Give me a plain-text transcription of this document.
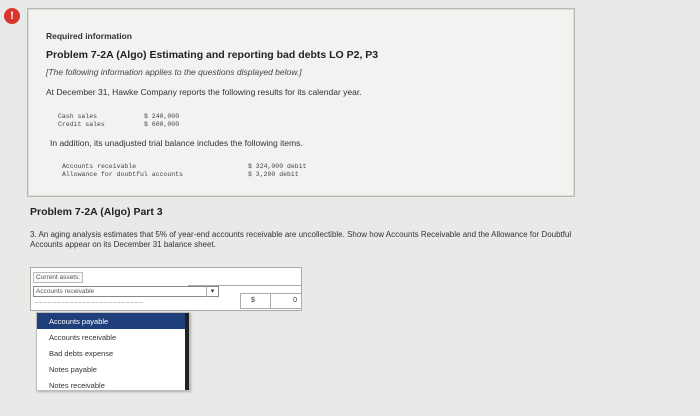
!
Required information
Problem 7-2A (Algo) Estimating and reporting bad debts LO P2, P3
[The following information applies to the questions displayed below.]
At December 31, Hawke Company reports the following results for its calendar year.
Cash sales	$ 240,000
Credit sales	$ 600,000
In addition, its unadjusted trial balance includes the following items.
Accounts receivable	$ 324,000 debit
Allowance for doubtful accounts	$ 3,200 debit
Problem 7-2A (Algo) Part 3
3. An aging analysis estimates that 5% of year-end accounts receivable are uncollectible. Show how Accounts Receivable and the Allowance for Doubtful Accounts appear on its December 31 balance sheet.
Current assets:
Accounts receivable	▾
‒‒‒‒‒‒‒‒‒‒‒‒‒‒‒‒‒‒‒‒‒‒‒‒‒	$	0
Accounts payable
Accounts receivable
Bad debts expense
Notes payable
Notes receivable
